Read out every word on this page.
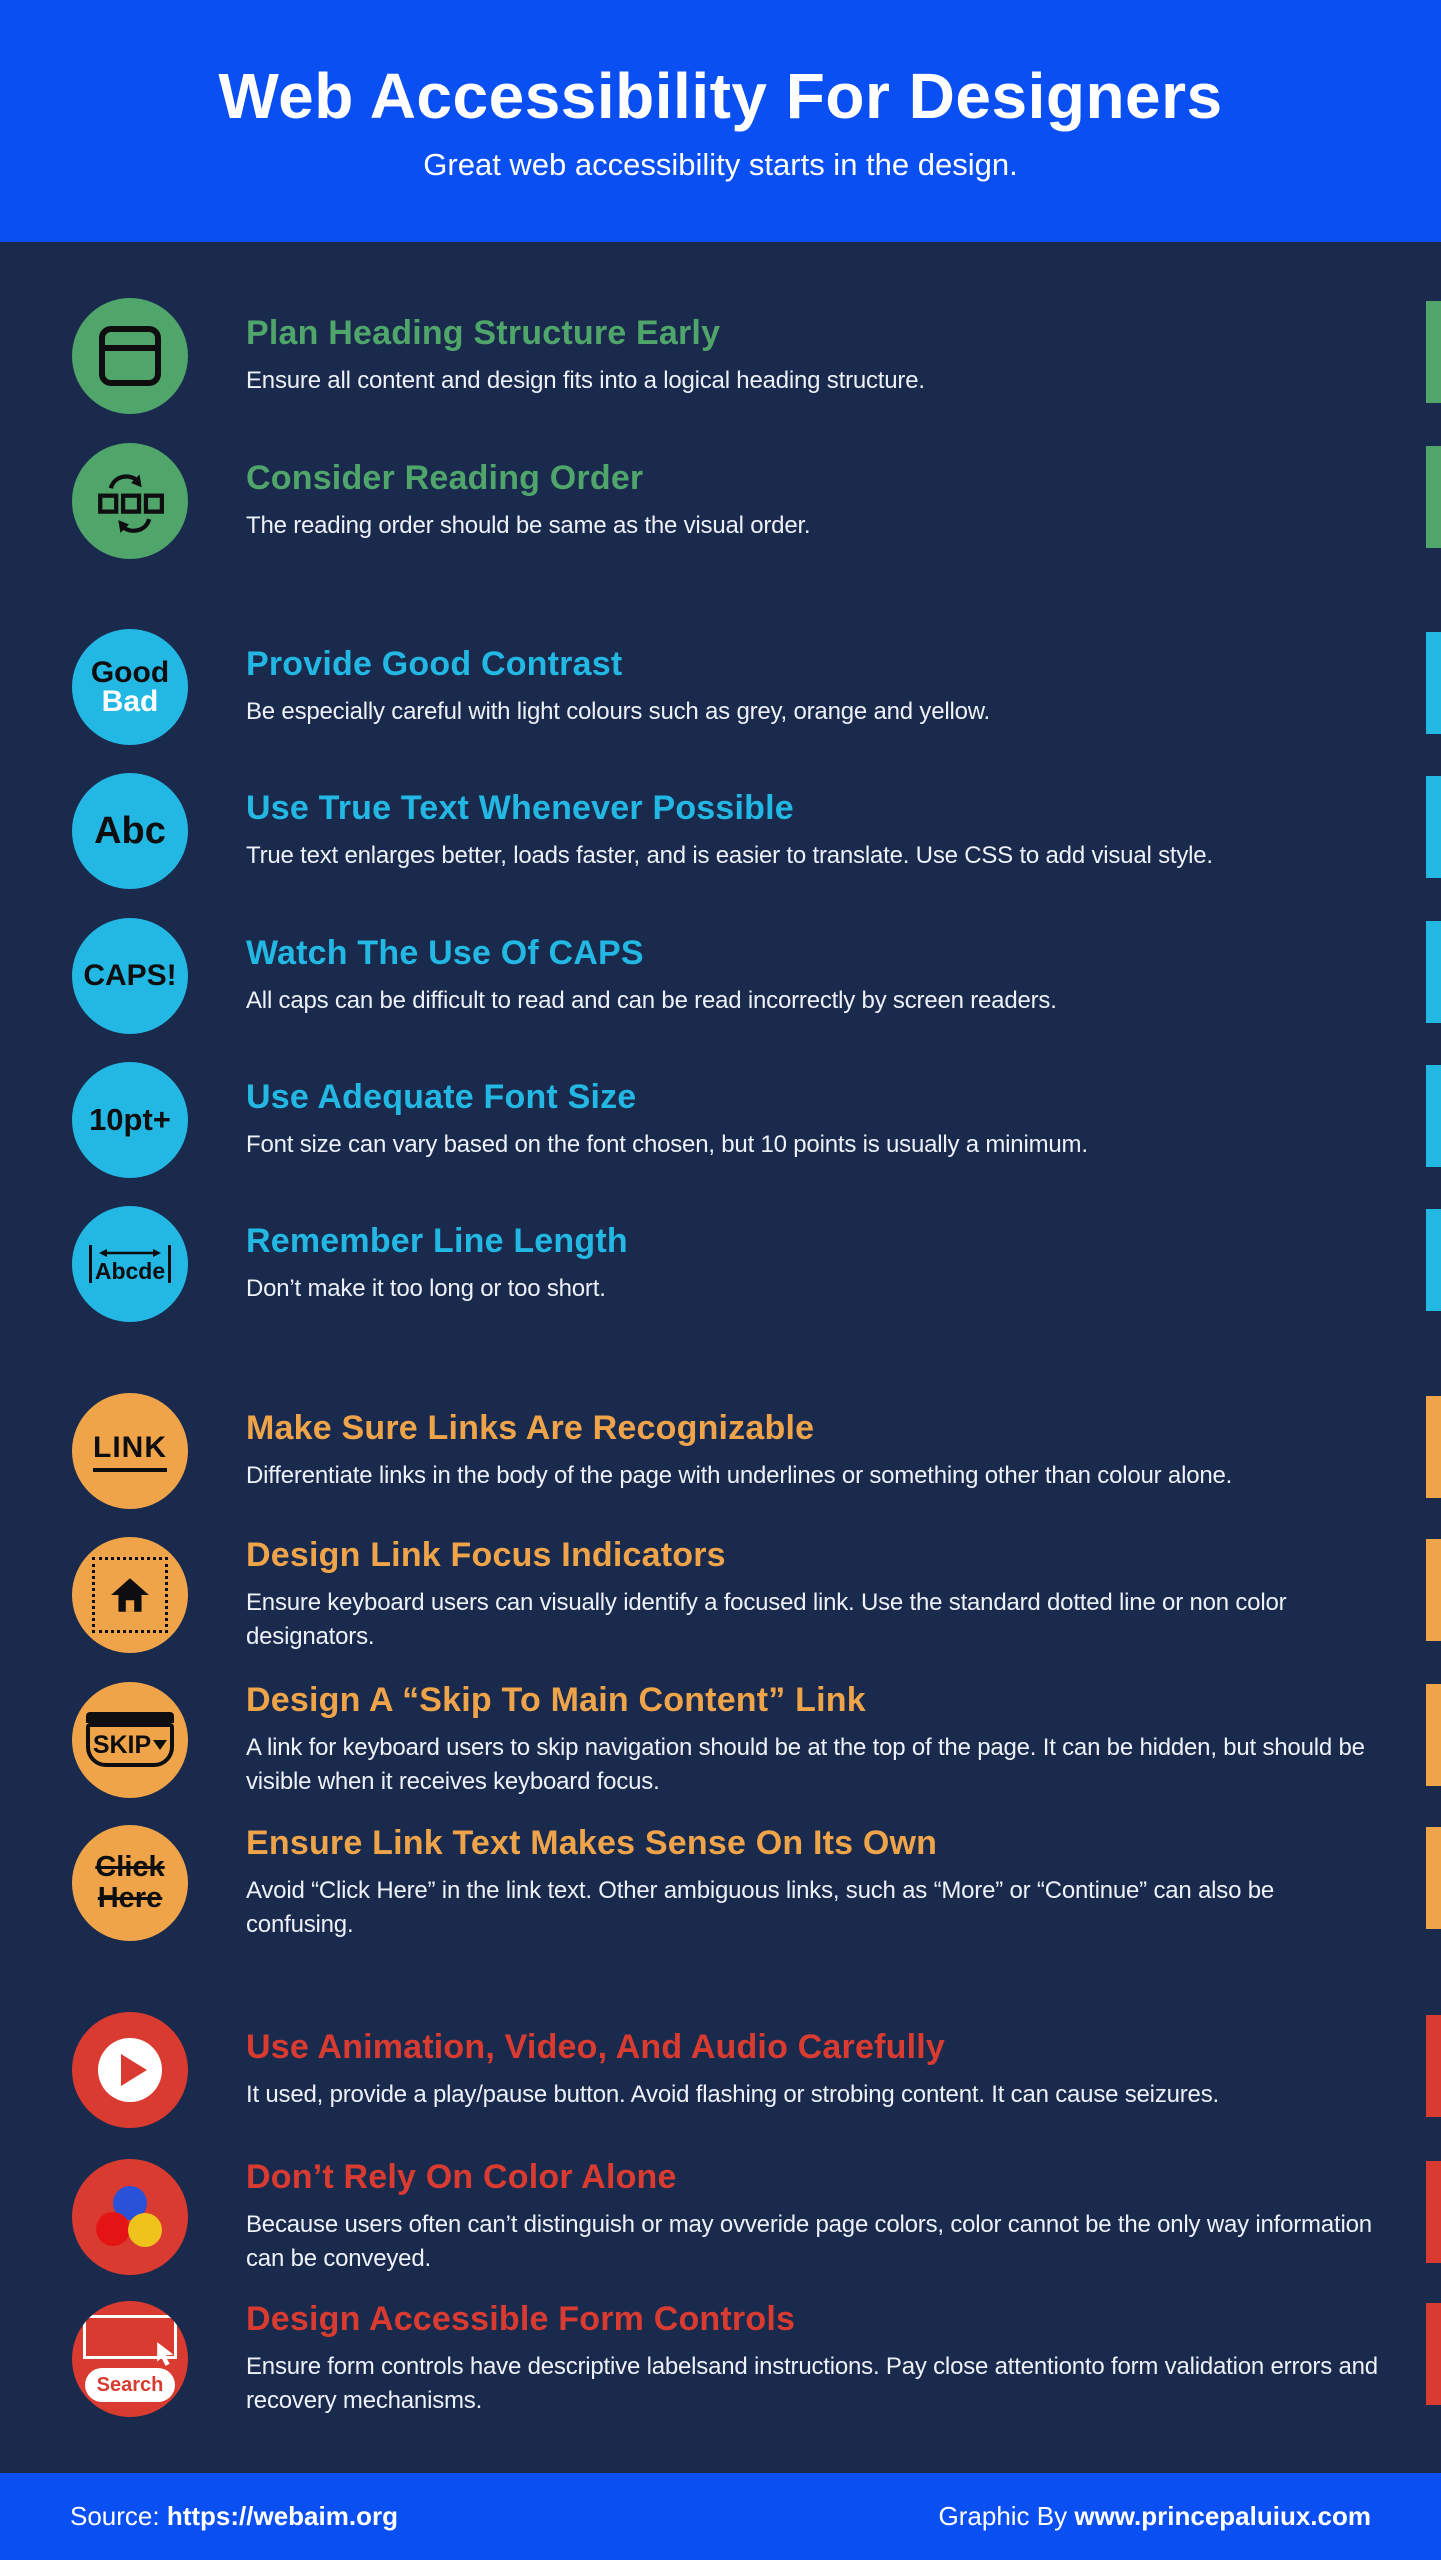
Web Accessibility For Designers
Great web accessibility starts in the design.
Plan Heading Structure Early
Ensure all content and design fits into a logical heading structure.
Consider Reading Order
The reading order should be same as the visual order.
Good
Bad
Provide Good Contrast
Be especially careful with light colours such as grey, orange and yellow.
Abc
Use True Text Whenever Possible
True text enlarges better, loads faster, and is easier to translate. Use CSS to add visual style.
CAPS!
Watch The Use Of CAPS
All caps can be difficult to read and can be read incorrectly by screen readers.
10pt+
Use Adequate Font Size
Font size can vary based on the font chosen, but 10 points is usually a minimum.
Abcde
Remember Line Length
Don’t make it too long or too short.
LINK Make Sure Links Are Recognizable
Differentiate links in the body of the page with underlines or something other than colour alone.
Design Link Focus Indicators
Ensure keyboard users can visually identify a focused link. Use the standard dotted line or non color designators.
SKIP
Design A “Skip To Main Content” Link
A link for keyboard users to skip navigation should be at the top of the page. It can be hidden, but should be visible when it receives keyboard focus.
Click
Here
Ensure Link Text Makes Sense On Its Own
Avoid “Click Here” in the link text. Other ambiguous links, such as “More” or “Continue” can also be confusing.
Use Animation, Video, And Audio Carefully
It used, provide a play/pause button. Avoid flashing or strobing content. It can cause seizures.
Don’t Rely On Color Alone
Because users often can’t distinguish or may ovveride page colors, color cannot be the only way information can be conveyed.
Search
Design Accessible Form Controls
Ensure form controls have descriptive labelsand instructions. Pay close attentionto form validation errors and recovery mechanisms.
Source: https://webaim.org	Graphic By www.princepaluiux.com
